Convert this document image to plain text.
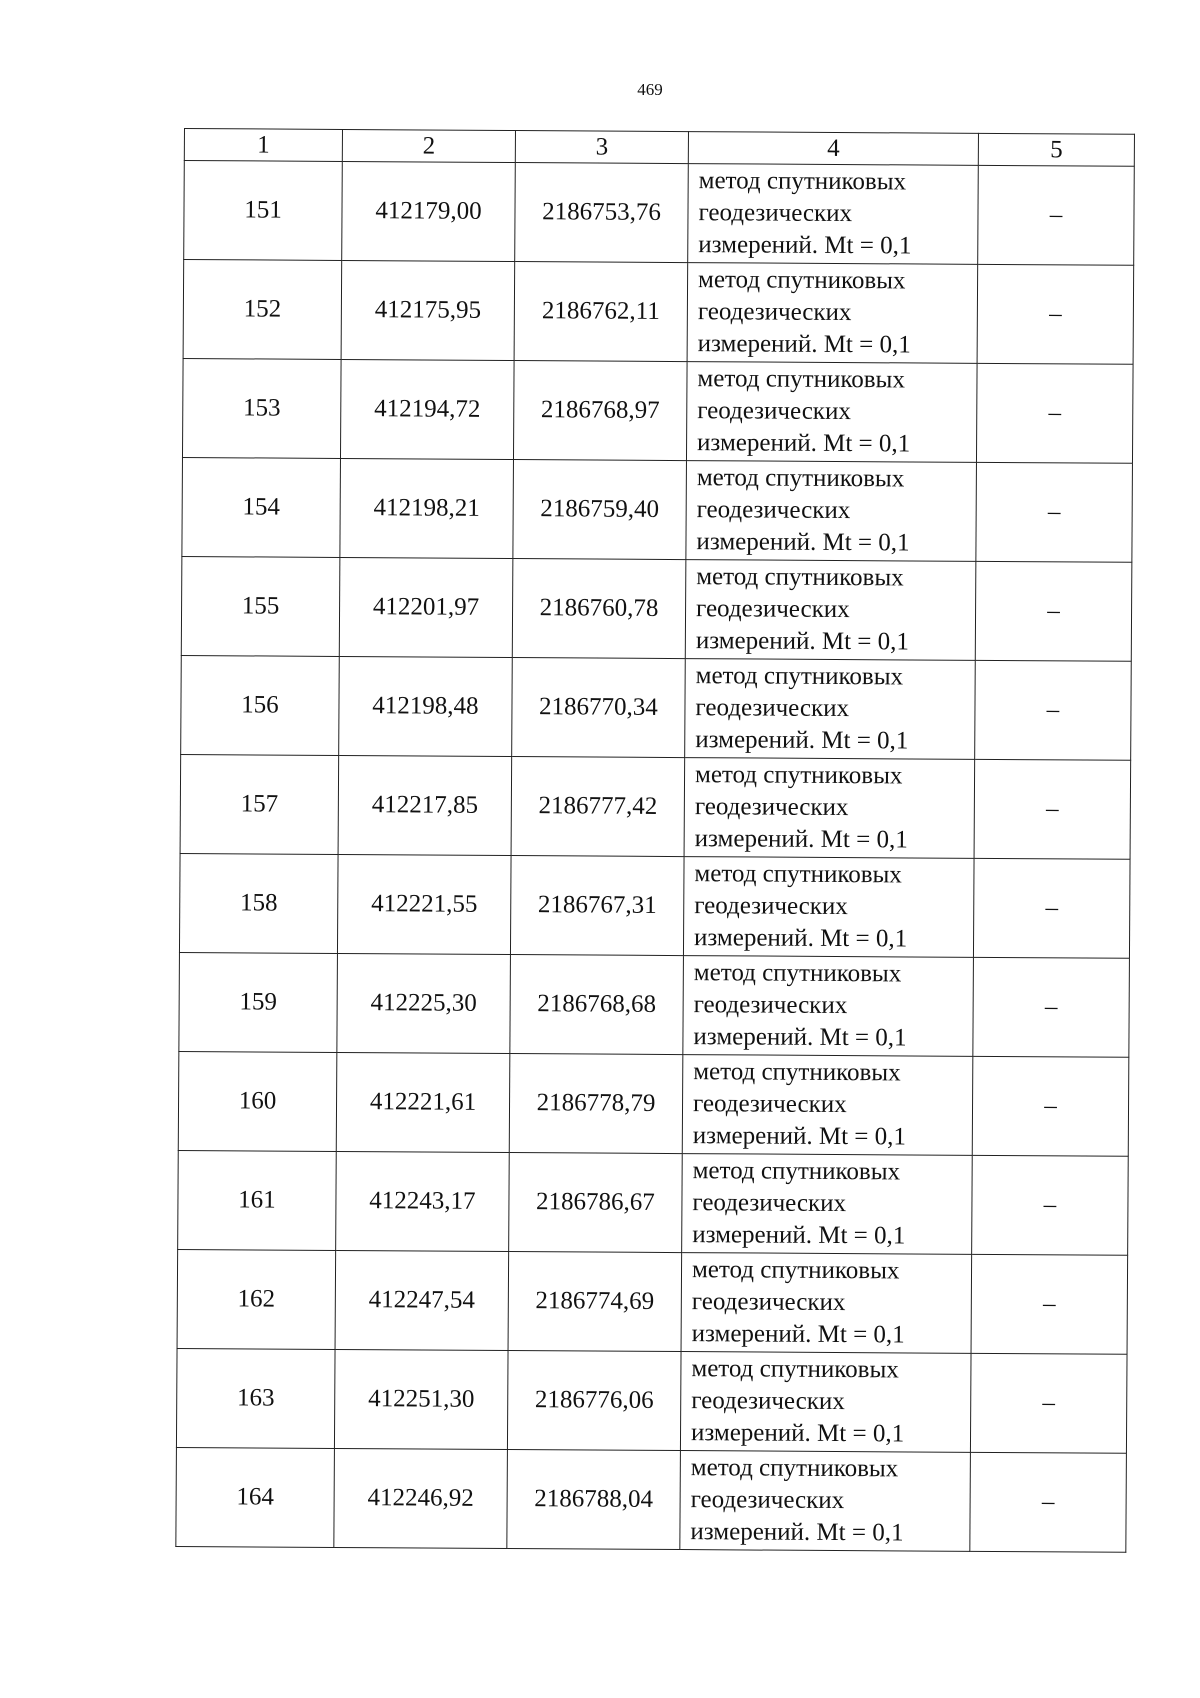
469
1	2	3	4	5
151	412179,00	2186753,76	метод спутниковых
геодезических
измерений. Mt = 0,1	–
152	412175,95	2186762,11	метод спутниковых
геодезических
измерений. Mt = 0,1	–
153	412194,72	2186768,97	метод спутниковых
геодезических
измерений. Mt = 0,1	–
154	412198,21	2186759,40	метод спутниковых
геодезических
измерений. Mt = 0,1	–
155	412201,97	2186760,78	метод спутниковых
геодезических
измерений. Mt = 0,1	–
156	412198,48	2186770,34	метод спутниковых
геодезических
измерений. Mt = 0,1	–
157	412217,85	2186777,42	метод спутниковых
геодезических
измерений. Mt = 0,1	–
158	412221,55	2186767,31	метод спутниковых
геодезических
измерений. Mt = 0,1	–
159	412225,30	2186768,68	метод спутниковых
геодезических
измерений. Mt = 0,1	–
160	412221,61	2186778,79	метод спутниковых
геодезических
измерений. Mt = 0,1	–
161	412243,17	2186786,67	метод спутниковых
геодезических
измерений. Mt = 0,1	–
162	412247,54	2186774,69	метод спутниковых
геодезических
измерений. Mt = 0,1	–
163	412251,30	2186776,06	метод спутниковых
геодезических
измерений. Mt = 0,1	–
164	412246,92	2186788,04	метод спутниковых
геодезических
измерений. Mt = 0,1	–
